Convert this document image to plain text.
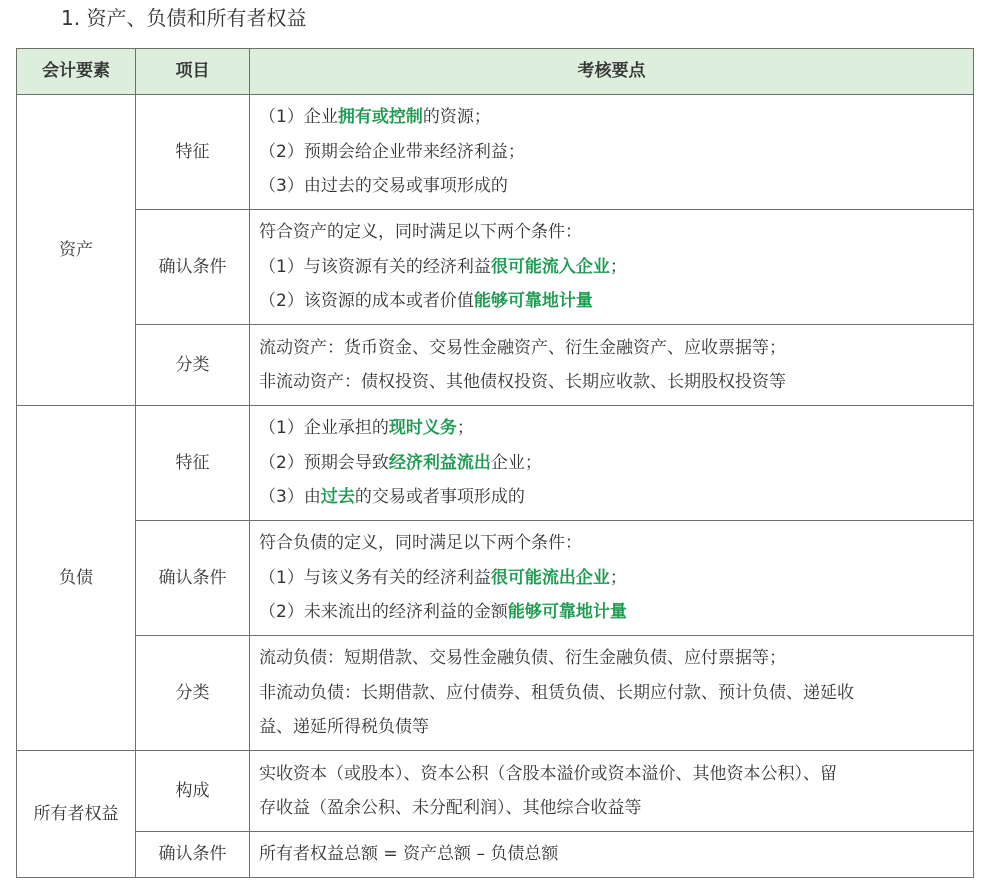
1. 资产、负债和所有者权益
会计要素	项目	考核要点
资产	特征	（1）企业拥有或控制的资源；
（2）预期会给企业带来经济利益；
（3）由过去的交易或事项形成的

	确认条件	符合资产的定义，同时满足以下两个条件：
（1）与该资源有关的经济利益很可能流入企业；
（2）该资源的成本或者价值能够可靠地计量

	分类	流动资产：货币资金、交易性金融资产、衍生金融资产、应收票据等；
非流动资产：债权投资、其他债权投资、长期应收款、长期股权投资等

负债	特征	（1）企业承担的现时义务；
（2）预期会导致经济利益流出企业；
（3）由过去的交易或者事项形成的

	确认条件	符合负债的定义，同时满足以下两个条件：
（1）与该义务有关的经济利益很可能流出企业；
（2）未来流出的经济利益的金额能够可靠地计量

	分类	流动负债：短期借款、交易性金融负债、衍生金融负债、应付票据等；
非流动负债：长期借款、应付债券、租赁负债、长期应付款、预计负债、递延收
益、递延所得税负债等

所有者权益	构成	实收资本（或股本）、资本公积（含股本溢价或资本溢价、其他资本公积）、留
存收益（盈余公积、未分配利润）、其他综合收益等

	确认条件	所有者权益总额 = 资产总额 – 负债总额
